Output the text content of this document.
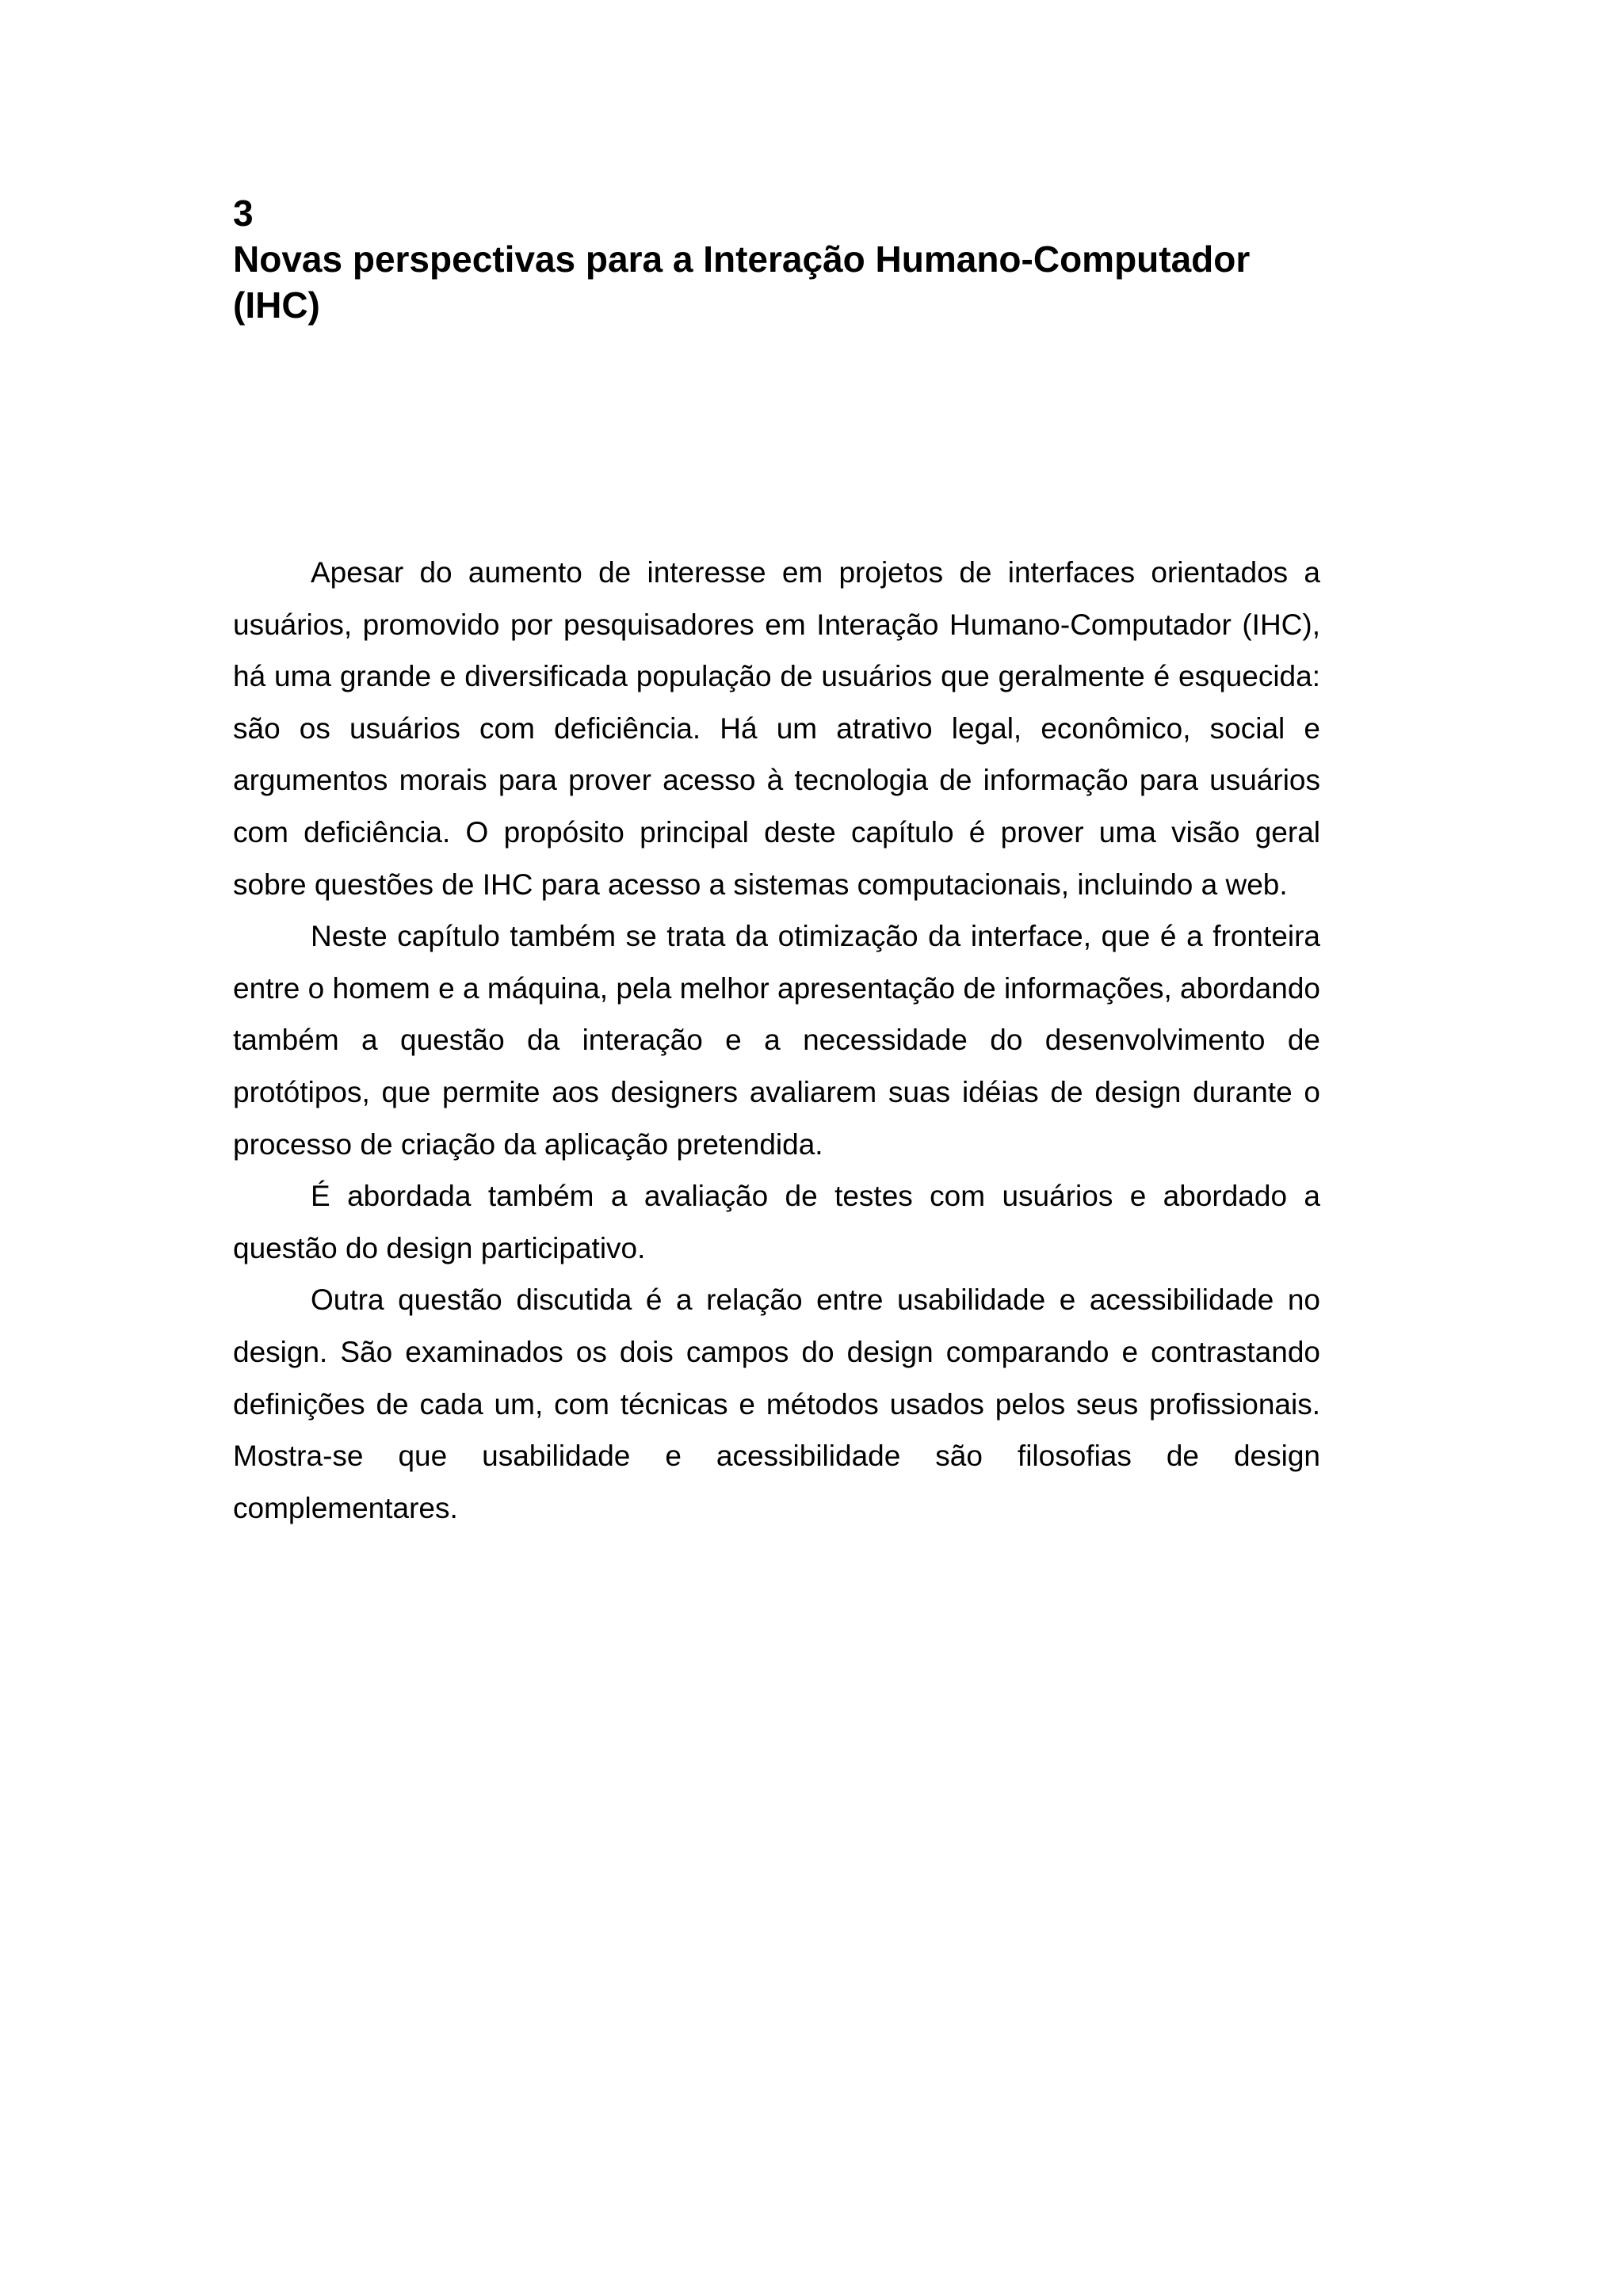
3
Novas perspectivas para a Interação Humano-Computador
(IHC)

Apesar do aumento de interesse em projetos de interfaces orientados a usuários, promovido por pesquisadores em Interação Humano-Computador (IHC), há uma grande e diversificada população de usuários que geralmente é esquecida: são os usuários com deficiência. Há um atrativo legal, econômico, social e argumentos morais para prover acesso à tecnologia de informação para usuários com deficiência. O propósito principal deste capítulo é prover uma visão geral sobre questões de IHC para acesso a sistemas computacionais, incluindo a web.

Neste capítulo também se trata da otimização da interface, que é a fronteira entre o homem e a máquina, pela melhor apresentação de informações, abordando também a questão da interação e a necessidade do desenvolvimento de protótipos, que permite aos designers avaliarem suas idéias de design durante o processo de criação da aplicação pretendida.

É abordada também a avaliação de testes com usuários e abordado a questão do design participativo.

Outra questão discutida é a relação entre usabilidade e acessibilidade no design. São examinados os dois campos do design comparando e contrastando definições de cada um, com técnicas e métodos usados pelos seus profissionais. Mostra-se que usabilidade e acessibilidade são filosofias de design complementares.
